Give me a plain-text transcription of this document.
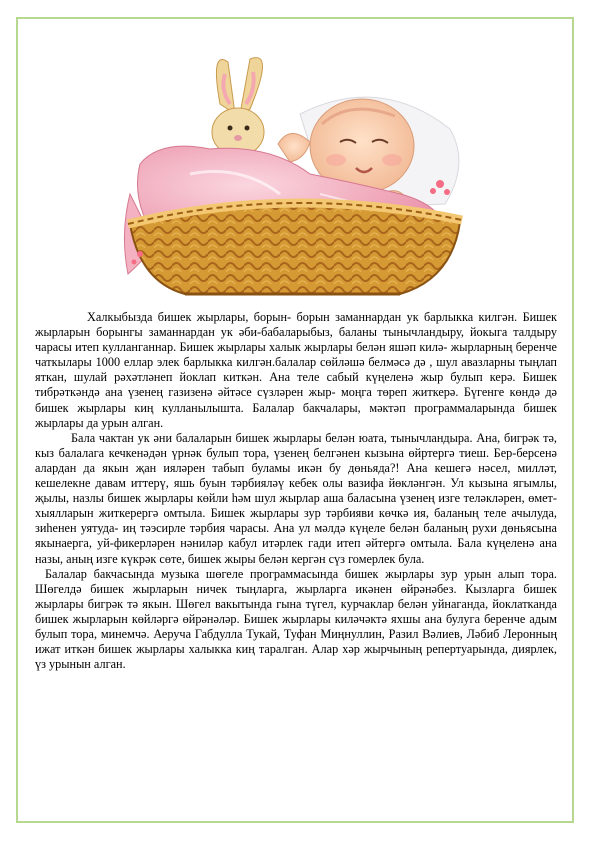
Халкыбызда бишек жырлары, борын- борын заманнардан ук барлыкка килгән. Бишек жырларын борынгы заманнардан ук әби-бабаларыбыз, баланы тынычландыру, йокыга талдыру чарасы итеп кулланганнар. Бишек жырлары халык жырлары белән яшәп килә- жырларның беренче чаткылары 1000 еллар элек барлыкка килгән.балалар сөйләшә белмәсә дә , шул авазларны тыңлап яткан, шулай рәхәтләнеп йоклап киткән. Ана теле сабый күңеленә жыр булып керә. Бишек тибрәткәндә ана үзенең газизенә әйтәсе сүзләрен жыр- моңга төреп житкерә. Бүгенге көндә дә бишек жырлары киң кулланылышта. Балалар бакчалары, мәктәп программаларында бишек жырлары да урын алган.

Бала чактан ук әни балаларын бишек жырлары белән юата, тынычландыра. Ана, бигрәк тә, кыз балалага кечкенәдән үрнәк булып тора, үзенең белгәнен кызына өйртергә тиеш. Бер-берсенә алардан да якын җан ияләрен табып буламы икән бу дөньяда?! Ана кешегә нәсел, милләт, кешелекне давам иттерү, яшь буын тәрбияләү кебек олы вазифа йөкләнгән. Ул кызына ягымлы, җылы, назлы бишек жырлары көйли һәм шул жырлар аша баласына үзенең изге теләкләрен, өмет-хыялларын житкерергә омтыла. Бишек жырлары зур тәрбияви көчкә ия, баланың теле ачылуда, зиһенен уятуда- иң тәэсирле тәрбия чарасы. Ана ул мәлдә күңеле белән баланың рухи дөньясына якынаерга, уй-фикерләрен нәниләр кабул итәрлек гади итеп әйтергә омтыла. Бала күңеленә ана назы, аның изге күкрәк сөте, бишек жыры белән кергән сүз гомерлек була.

Балалар бакчасында музыка шөгеле программасында бишек жырлары зур урын алып тора. Шөгелдә бишек жырларын ничек тыңларга, жырларга икәнен өйрәнәбез. Кызларга бишек жырлары бигрәк тә якын. Шөгел вакытында гына түгел, курчаклар белән уйнаганда, йоклатканда бишек жырларын көйләргә өйрәнәләр. Бишек жырлары киләчәктә яхшы ана булуга беренче адым булып тора, минемчә. Аеруча Габдулла Тукай, Туфан Миңнуллин, Разил Вәлиев, Ләбиб Леронның ижат иткән бишек жырлары халыкка киң таралган. Алар хәр жырчының репертуарында, диярлек, үз урынын алган.
